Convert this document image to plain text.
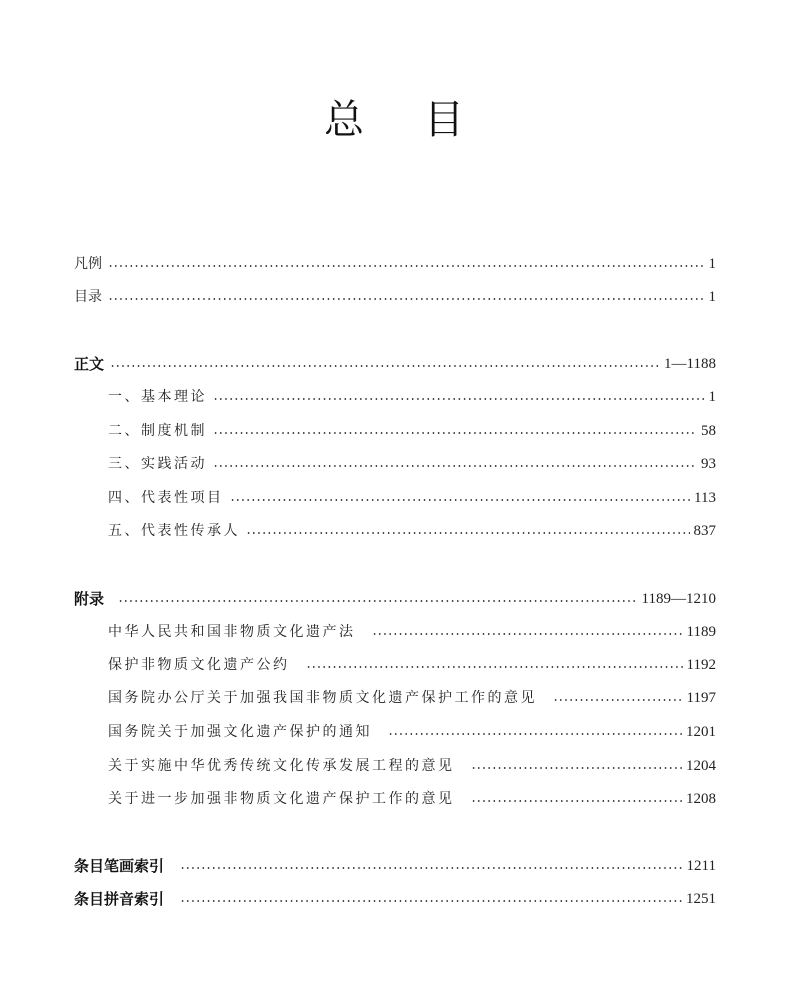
总 目
凡例	1
目录	1
正文	1—1188
一、基本理论	1
二、制度机制	58
三、实践活动	93
四、代表性项目	113
五、代表性传承人	837
附录	1189—1210
中华人民共和国非物质文化遗产法	1189
保护非物质文化遗产公约	1192
国务院办公厅关于加强我国非物质文化遗产保护工作的意见	1197
国务院关于加强文化遗产保护的通知	1201
关于实施中华优秀传统文化传承发展工程的意见	1204
关于进一步加强非物质文化遗产保护工作的意见	1208
条目笔画索引	1211
条目拼音索引	1251
